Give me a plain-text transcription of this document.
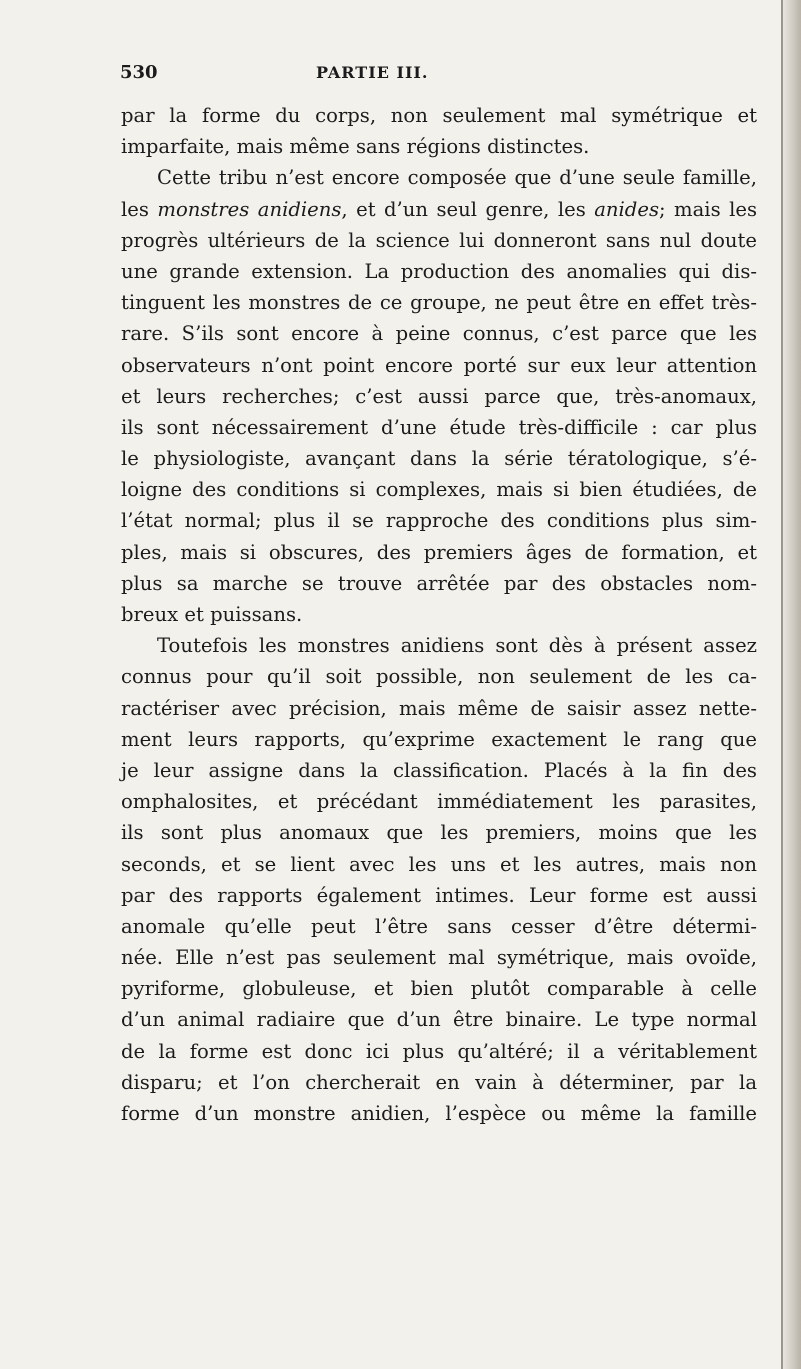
530	PARTIE III.
par la forme du corps, non seulement mal symétrique et
imparfaite, mais même sans régions distinctes.
Cette tribu n’est encore composée que d’une seule famille,
les monstres anidiens, et d’un seul genre, les anides; mais les
progrès ultérieurs de la science lui donneront sans nul doute
une grande extension. La production des anomalies qui dis-
tinguent les monstres de ce groupe, ne peut être en effet très-
rare. S’ils sont encore à peine connus, c’est parce que les
observateurs n’ont point encore porté sur eux leur attention
et leurs recherches; c’est aussi parce que, très-anomaux,
ils sont nécessairement d’une étude très-difficile : car plus
le physiologiste, avançant dans la série tératologique, s’é-
loigne des conditions si complexes, mais si bien étudiées, de
l’état normal; plus il se rapproche des conditions plus sim-
ples, mais si obscures, des premiers âges de formation, et
plus sa marche se trouve arrêtée par des obstacles nom-
breux et puissans.
Toutefois les monstres anidiens sont dès à présent assez
connus pour qu’il soit possible, non seulement de les ca-
ractériser avec précision, mais même de saisir assez nette-
ment leurs rapports, qu’exprime exactement le rang que
je leur assigne dans la classification. Placés à la fin des
omphalosites, et précédant immédiatement les parasites,
ils sont plus anomaux que les premiers, moins que les
seconds, et se lient avec les uns et les autres, mais non
par des rapports également intimes. Leur forme est aussi
anomale qu’elle peut l’être sans cesser d’être détermi-
née. Elle n’est pas seulement mal symétrique, mais ovoïde,
pyriforme, globuleuse, et bien plutôt comparable à celle
d’un animal radiaire que d’un être binaire. Le type normal
de la forme est donc ici plus qu’altéré; il a véritablement
disparu; et l’on chercherait en vain à déterminer, par la
forme d’un monstre anidien, l’espèce ou même la famille
